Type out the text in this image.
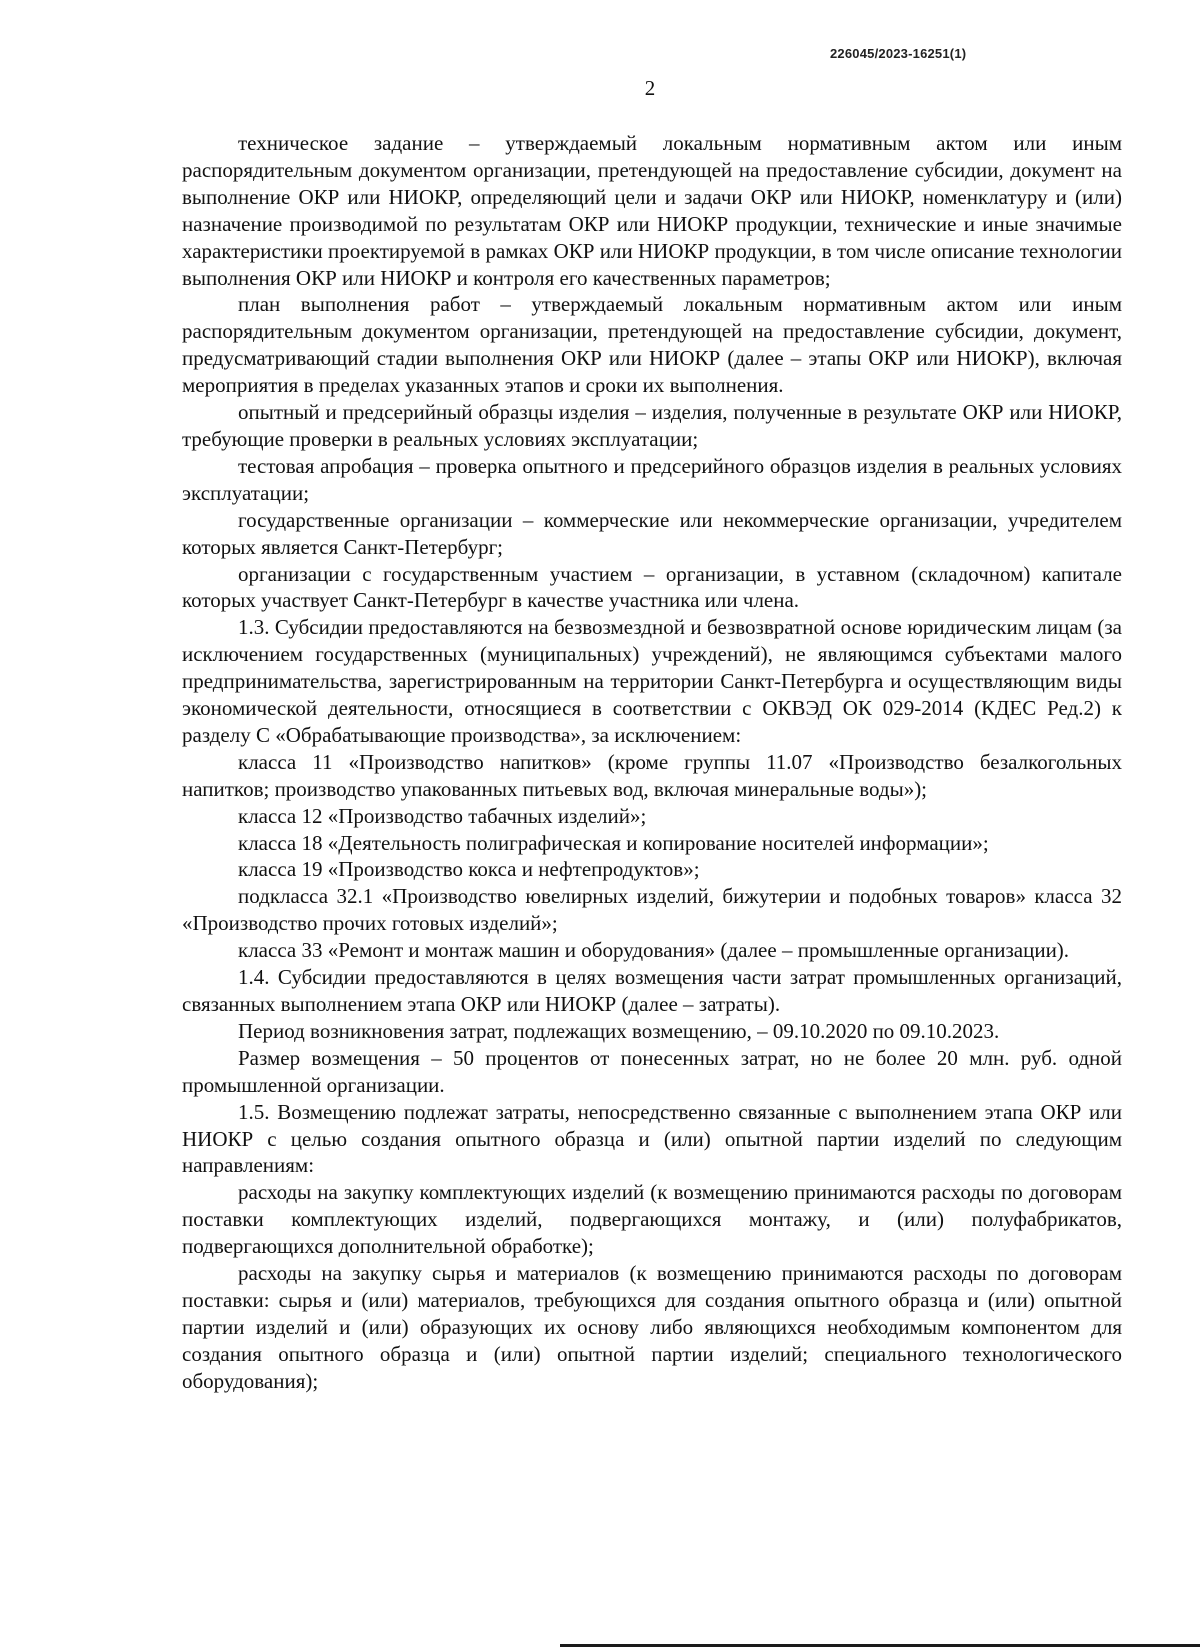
226045/2023-16251(1)
2

техническое задание – утверждаемый локальным нормативным актом или иным распорядительным документом организации, претендующей на предоставление субсидии, документ на выполнение ОКР или НИОКР, определяющий цели и задачи ОКР или НИОКР, номенклатуру и (или) назначение производимой по результатам ОКР или НИОКР продукции, технические и иные значимые характеристики проектируемой в рамках ОКР или НИОКР продукции, в том числе описание технологии выполнения ОКР или НИОКР и контроля его качественных параметров;

план выполнения работ – утверждаемый локальным нормативным актом или иным распорядительным документом организации, претендующей на предоставление субсидии, документ, предусматривающий стадии выполнения ОКР или НИОКР (далее – этапы ОКР или НИОКР), включая мероприятия в пределах указанных этапов и сроки их выполнения.

опытный и предсерийный образцы изделия – изделия, полученные в результате ОКР или НИОКР, требующие проверки в реальных условиях эксплуатации;

тестовая апробация – проверка опытного и предсерийного образцов изделия в реальных условиях эксплуатации;

государственные организации – коммерческие или некоммерческие организации, учредителем которых является Санкт-Петербург;

организации с государственным участием – организации, в уставном (складочном) капитале которых участвует Санкт-Петербург в качестве участника или члена.

1.3. Субсидии предоставляются на безвозмездной и безвозвратной основе юридическим лицам (за исключением государственных (муниципальных) учреждений), не являющимся субъектами малого предпринимательства, зарегистрированным на территории Санкт-Петербурга и осуществляющим виды экономической деятельности, относящиеся в соответствии с ОКВЭД ОК 029-2014 (КДЕС Ред.2) к разделу С «Обрабатывающие производства», за исключением:

класса 11 «Производство напитков» (кроме группы 11.07 «Производство безалкогольных напитков; производство упакованных питьевых вод, включая минеральные воды»);

класса 12 «Производство табачных изделий»;

класса 18 «Деятельность полиграфическая и копирование носителей информации»;

класса 19 «Производство кокса и нефтепродуктов»;

подкласса 32.1 «Производство ювелирных изделий, бижутерии и подобных товаров» класса 32 «Производство прочих готовых изделий»;

класса 33 «Ремонт и монтаж машин и оборудования» (далее – промышленные организации).

1.4. Субсидии предоставляются в целях возмещения части затрат промышленных организаций, связанных выполнением этапа ОКР или НИОКР (далее – затраты).

Период возникновения затрат, подлежащих возмещению, – 09.10.2020 по 09.10.2023.

Размер возмещения – 50 процентов от понесенных затрат, но не более 20 млн. руб. одной промышленной организации.

1.5. Возмещению подлежат затраты, непосредственно связанные с выполнением этапа ОКР или НИОКР с целью создания опытного образца и (или) опытной партии изделий по следующим направлениям:

расходы на закупку комплектующих изделий (к возмещению принимаются расходы по договорам поставки комплектующих изделий, подвергающихся монтажу, и (или) полуфабрикатов, подвергающихся дополнительной обработке);

расходы на закупку сырья и материалов (к возмещению принимаются расходы по договорам поставки: сырья и (или) материалов, требующихся для создания опытного образца и (или) опытной партии изделий и (или) образующих их основу либо являющихся необходимым компонентом для создания опытного образца и (или) опытной партии изделий; специального технологического оборудования);
